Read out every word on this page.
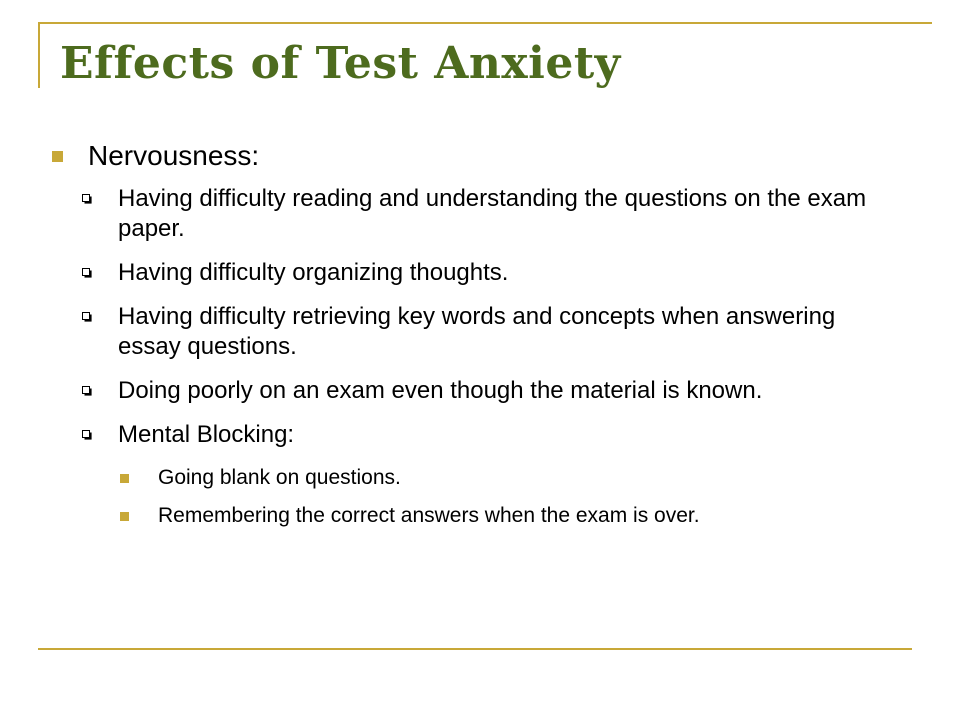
Effects of Test Anxiety
Nervousness:
Having difficulty reading and understanding the questions on the exam paper.
Having difficulty organizing thoughts.
Having difficulty retrieving key words and concepts when answering essay questions.
Doing poorly on an exam even though the material is known.
Mental Blocking:
Going blank on questions.
Remembering the correct answers when the exam is over.
